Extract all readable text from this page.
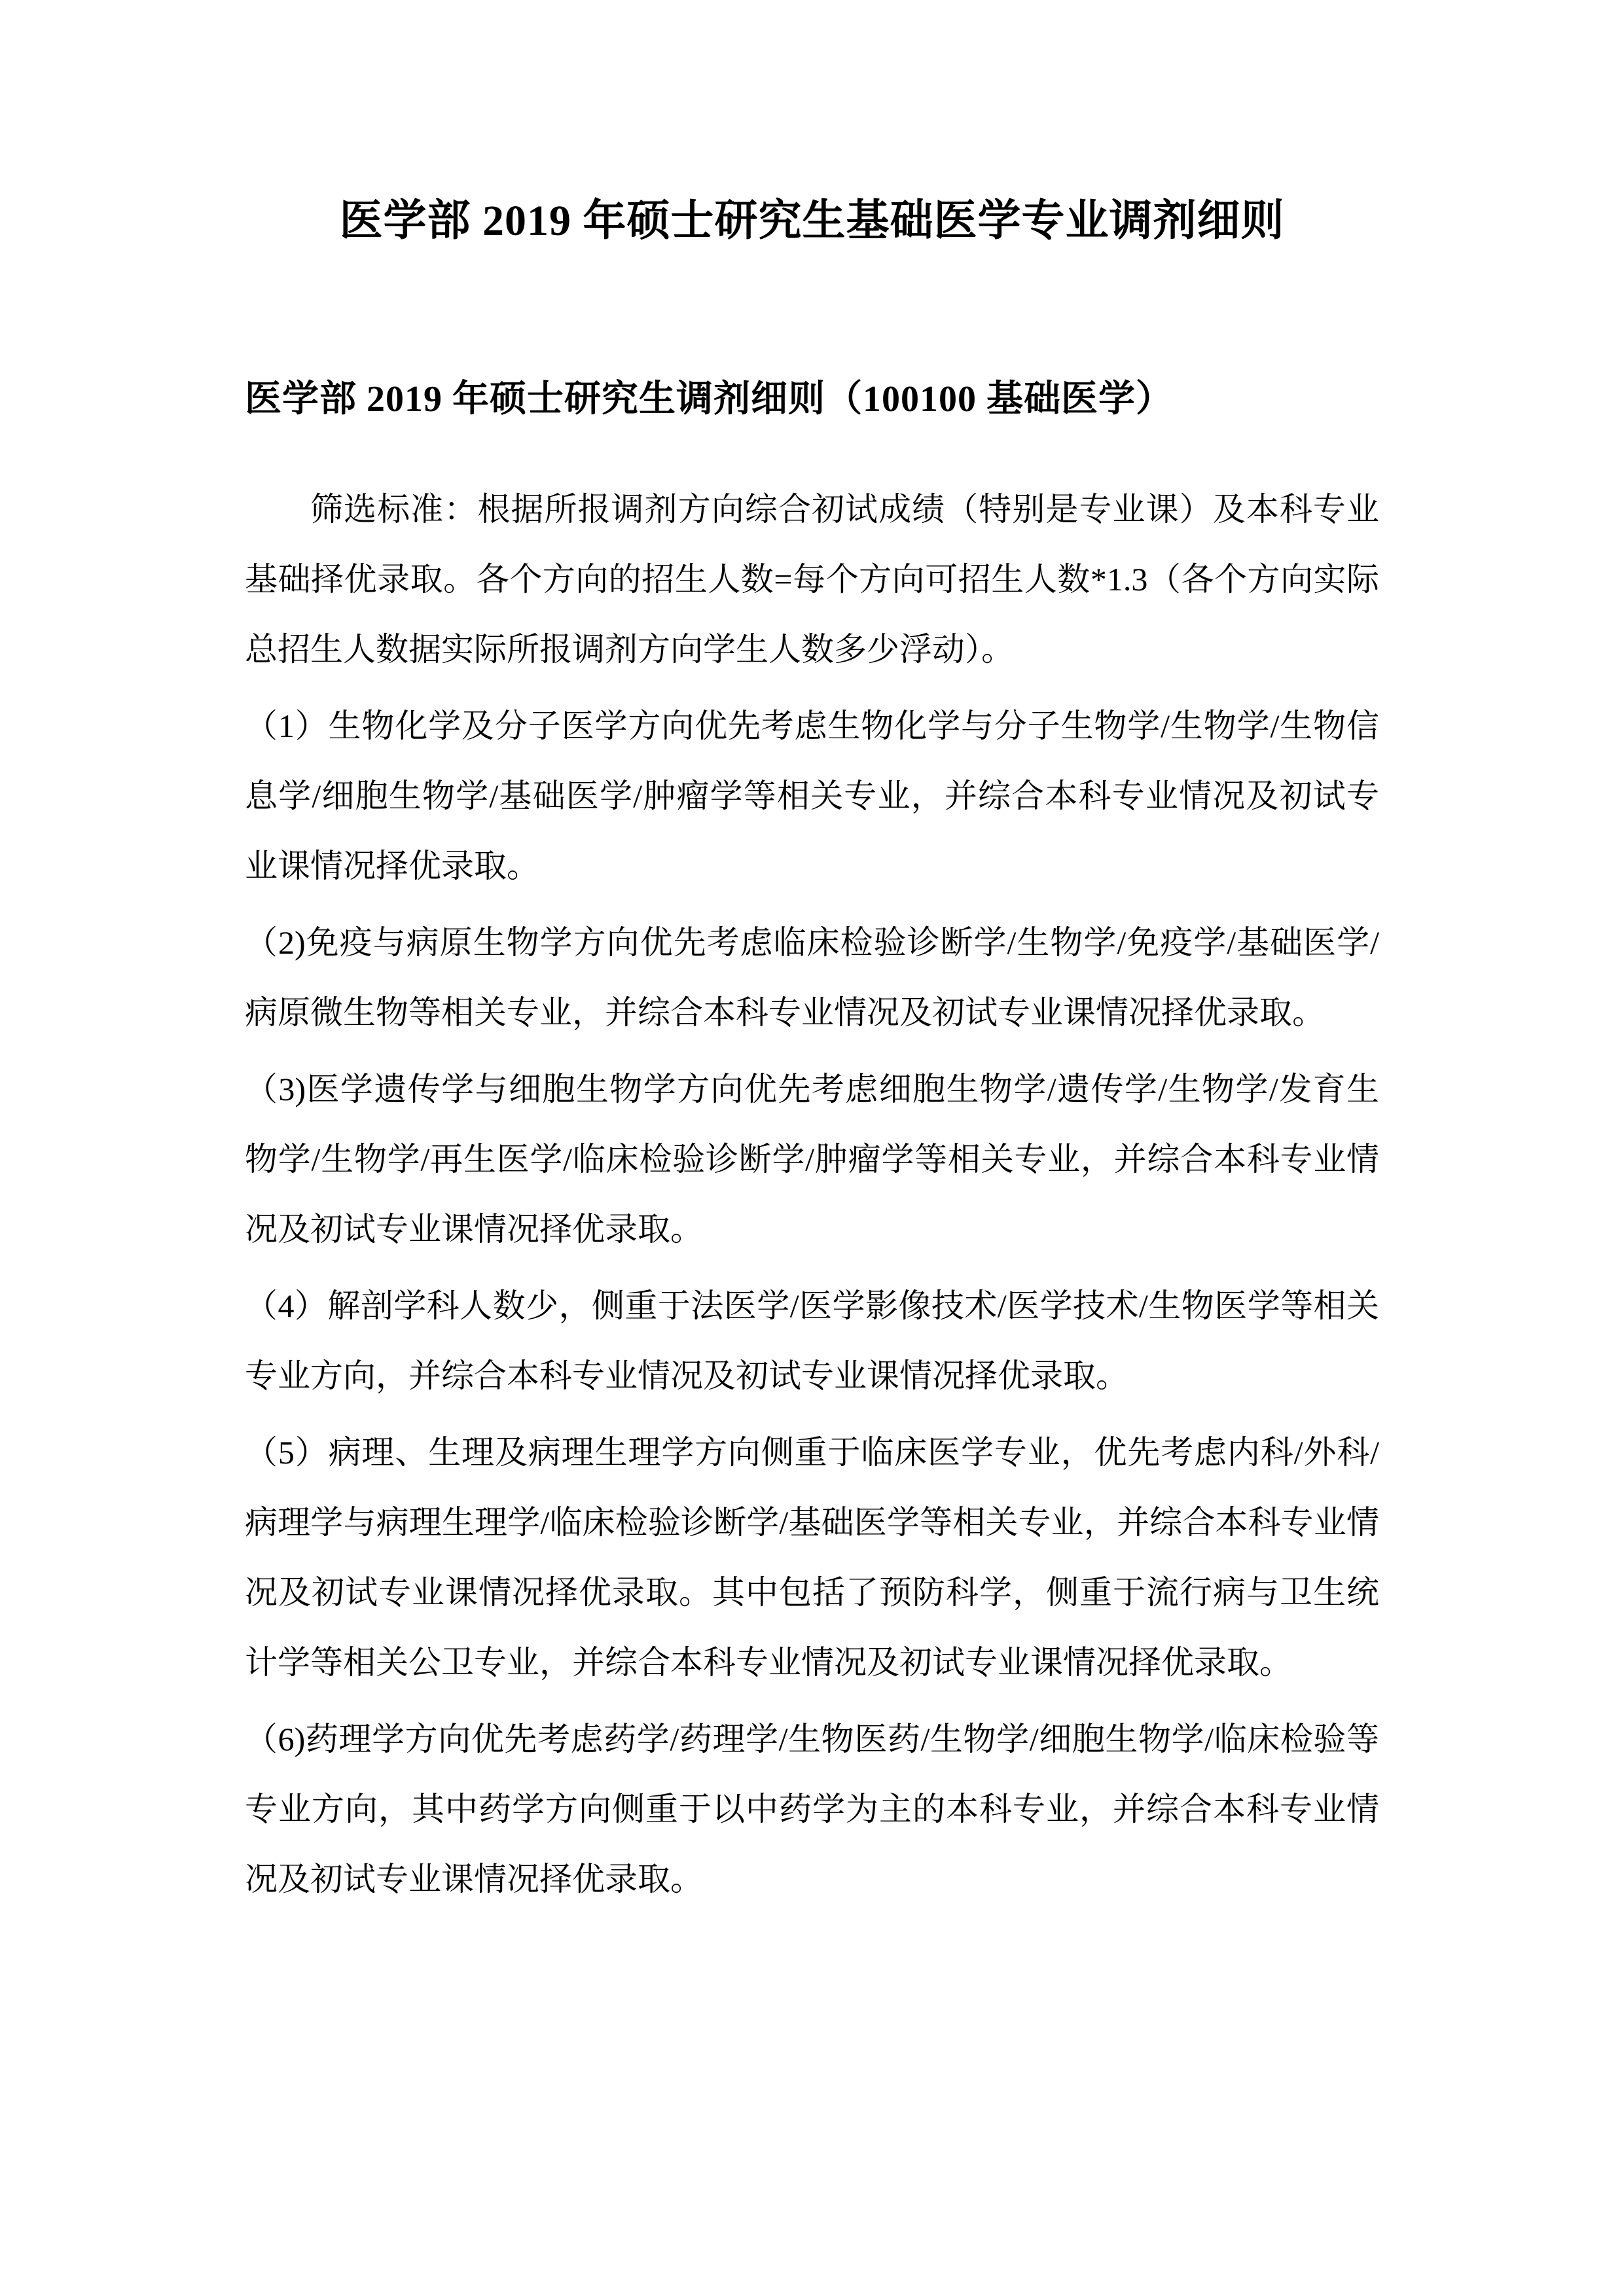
医学部 2019 年硕士研究生基础医学专业调剂细则
医学部 2019 年硕士研究生调剂细则（100100 基础医学）

筛选标准：根据所报调剂方向综合初试成绩（特别是专业课）及本科专业基础择优录取。各个方向的招生人数=每个方向可招生人数*1.3（各个方向实际总招生人数据实际所报调剂方向学生人数多少浮动）。

（1）生物化学及分子医学方向优先考虑生物化学与分子生物学/生物学/生物信息学/细胞生物学/基础医学/肿瘤学等相关专业，并综合本科专业情况及初试专业课情况择优录取。

（2)免疫与病原生物学方向优先考虑临床检验诊断学/生物学/免疫学/基础医学/病原微生物等相关专业，并综合本科专业情况及初试专业课情况择优录取。

（3)医学遗传学与细胞生物学方向优先考虑细胞生物学/遗传学/生物学/发育生物学/生物学/再生医学/临床检验诊断学/肿瘤学等相关专业，并综合本科专业情况及初试专业课情况择优录取。

（4）解剖学科人数少，侧重于法医学/医学影像技术/医学技术/生物医学等相关专业方向，并综合本科专业情况及初试专业课情况择优录取。

（5）病理、生理及病理生理学方向侧重于临床医学专业，优先考虑内科/外科/病理学与病理生理学/临床检验诊断学/基础医学等相关专业，并综合本科专业情况及初试专业课情况择优录取。其中包括了预防科学，侧重于流行病与卫生统计学等相关公卫专业，并综合本科专业情况及初试专业课情况择优录取。

（6)药理学方向优先考虑药学/药理学/生物医药/生物学/细胞生物学/临床检验等专业方向，其中药学方向侧重于以中药学为主的本科专业，并综合本科专业情况及初试专业课情况择优录取。
